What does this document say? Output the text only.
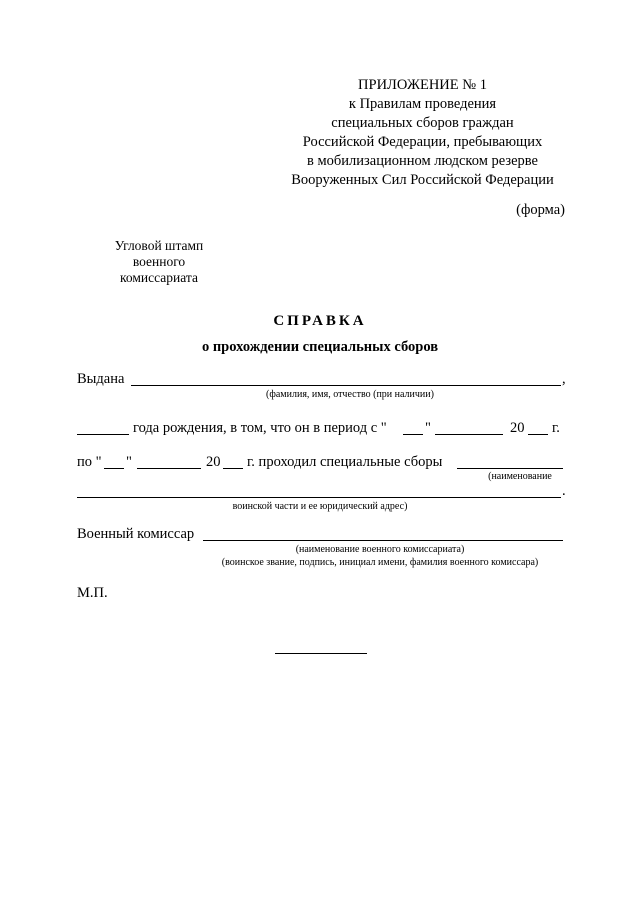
ПРИЛОЖЕНИЕ № 1
к Правилам проведения
специальных сборов граждан
Российской Федерации, пребывающих
в мобилизационном людском резерве
Вооруженных Сил Российской Федерации
(форма)
Угловой штамп
военного
комиссариата
СПРАВКА
о прохождении специальных сборов
Выдана	,
(фамилия, имя, отчество (при наличии)
года рождения, в том, что он в период с "	"	20 г.
по " "	20 г. проходил специальные сборы
(наименование
.
воинской части и ее юридический адрес)
Военный комиссар
(наименование военного комиссариата)
(воинское звание, подпись, инициал имени, фамилия военного комиссара)
М.П.
